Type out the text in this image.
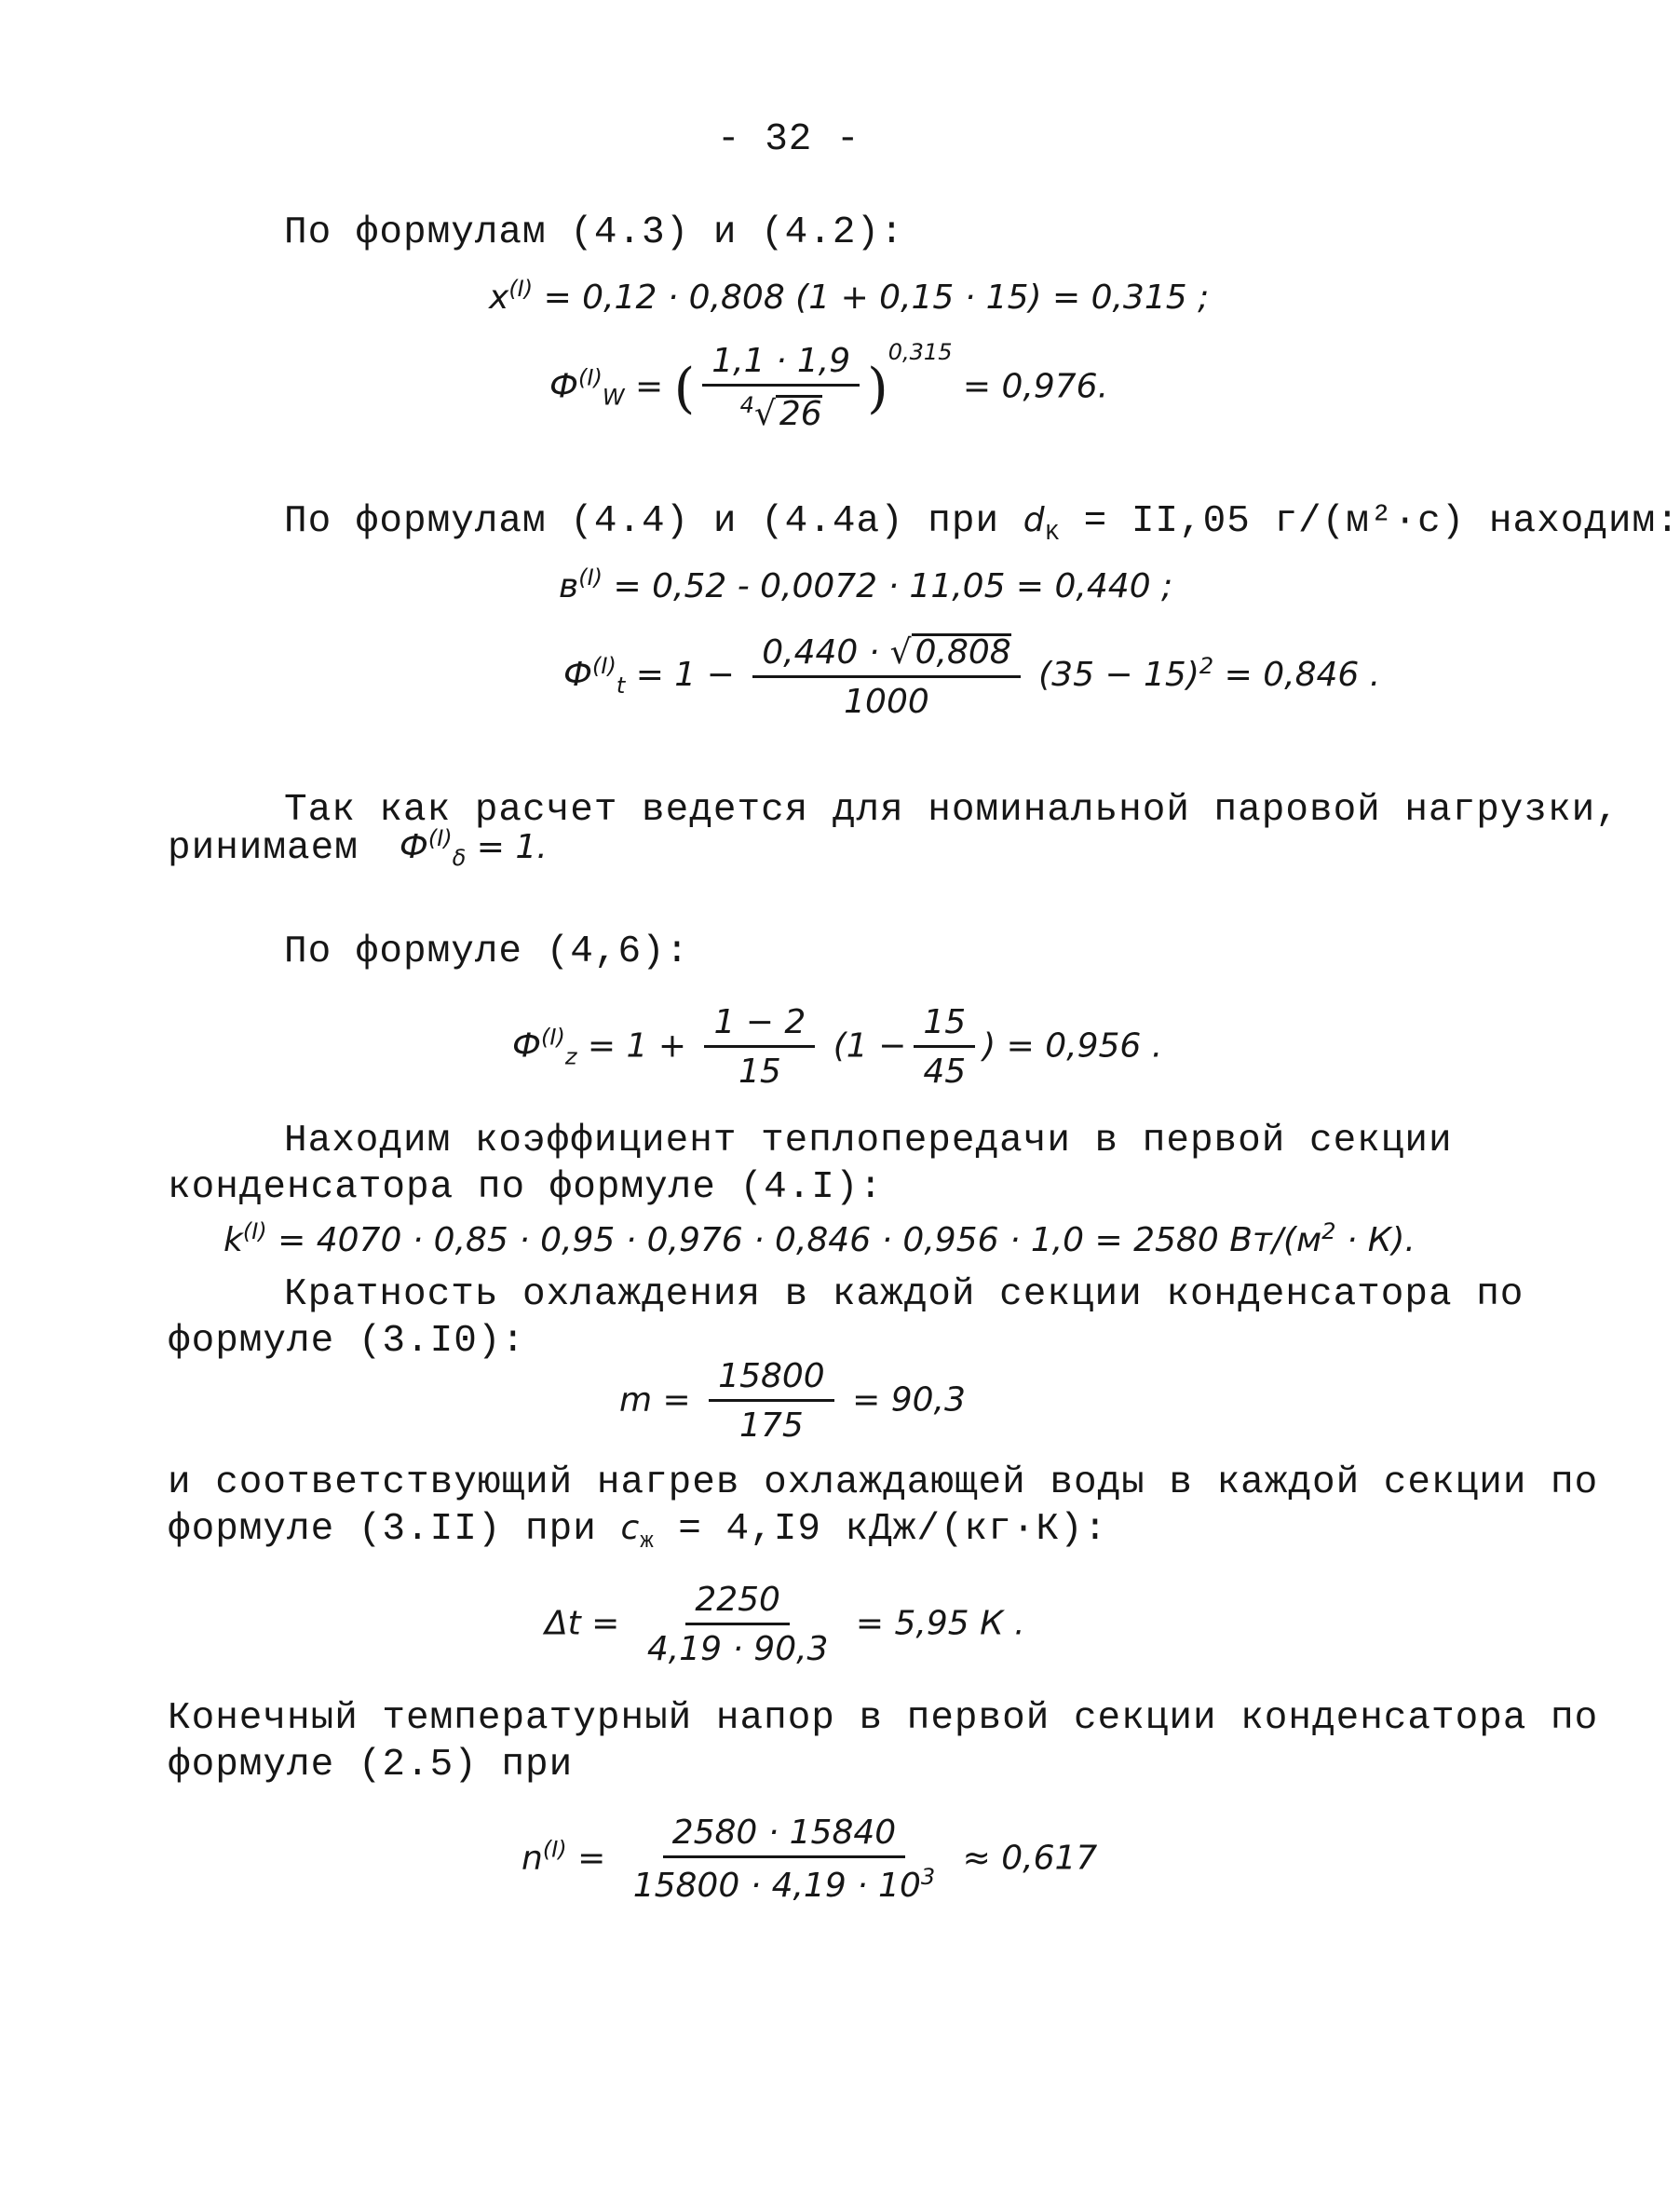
- 32 -
По формулам (4.3) и (4.2):
$x^{(I)} = 0,12 \cdot 0,808$ (1 + 0,15 · 15) = 0,315 ;
$Ф^{(I)}_W$ = ( $\frac{1,1 \cdot 1,9}{^4√ 26} )^{0,315} = 0,976$.
По формулам (4.4) и (4.4а) при $d_K = II,05$ г/(м²·с) находим:
$в^{(I)} = 0,52 - 0,0072 \cdot 11,05 = 0,440$ ;
$Ф^{(I)}_t = 1 - \frac{0,440 \cdot √ 0,808}{1000} (35 - 15)^2 = 0,846$ .
Так как расчет ведется для номинальной паровой нагрузки,
ринимаем $Ф^{(I)}_\delta = 1$.
По формуле (4,6):
$Ф^{(I)}_z = 1 + \frac{1 - 2}{15} (1 - \frac{15}{45}$ ) = 0,956 .
Находим коэффициент теплопередачи в первой секции
конденсатора по формуле (4.I):
$k^{(I)} = 4070 \cdot 0,85 \cdot 0,95 \cdot 0,976 \cdot 0,846 \cdot 0,956 \cdot 1,0 = 2580$ $Вт/(м^2 \cdot К)$.
Кратность охлаждения в каждой секции конденсатора по
формуле (3.I0):
$m = \frac{15800}{175} = 90,3$
и соответствующий нагрев охлаждающей воды в каждой секции по
формуле (3.II) при $с_ж = 4,I9$ кДж/(кг·К):
$\Delta t = \frac{2250}{4,19 \cdot 90,3} = 5,95$ К .
Конечный температурный напор в первой секции конденсатора по
формуле (2.5) при
$n^{(I)} = \frac{2580 \cdot 15840}{15800 \cdot 4,19 \cdot 10^3} \approx 0,617$
